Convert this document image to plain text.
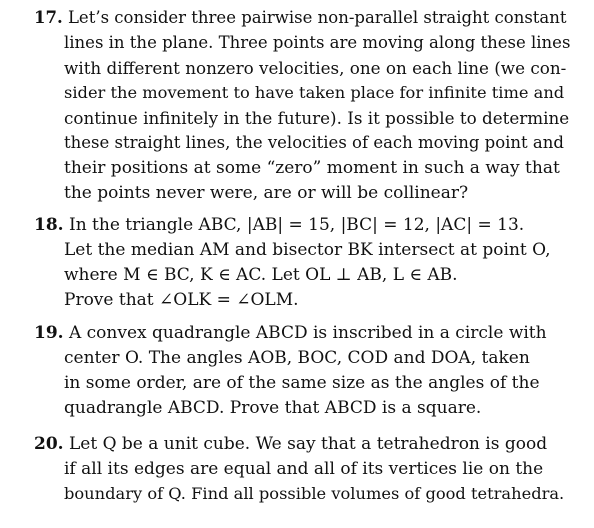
17. Let’s consider three pairwise non-parallel straight constant
lines in the plane. Three points are moving along these lines
with different nonzero velocities, one on each line (we con-
sider the movement to have taken place for infinite time and
continue infinitely in the future). Is it possible to determine
these straight lines, the velocities of each moving point and
their positions at some “zero” moment in such a way that
the points never were, are or will be collinear?
18. In the triangle ABC, |AB| = 15, |BC| = 12, |AC| = 13.
Let the median AM and bisector BK intersect at point O,
where M ∈ BC, K ∈ AC. Let OL ⊥ AB, L ∈ AB.
Prove that ∠OLK = ∠OLM.
19. A convex quadrangle ABCD is inscribed in a circle with
center O. The angles AOB, BOC, COD and DOA, taken
in some order, are of the same size as the angles of the
quadrangle ABCD. Prove that ABCD is a square.
20. Let Q be a unit cube. We say that a tetrahedron is good
if all its edges are equal and all of its vertices lie on the
boundary of Q. Find all possible volumes of good tetrahedra.
